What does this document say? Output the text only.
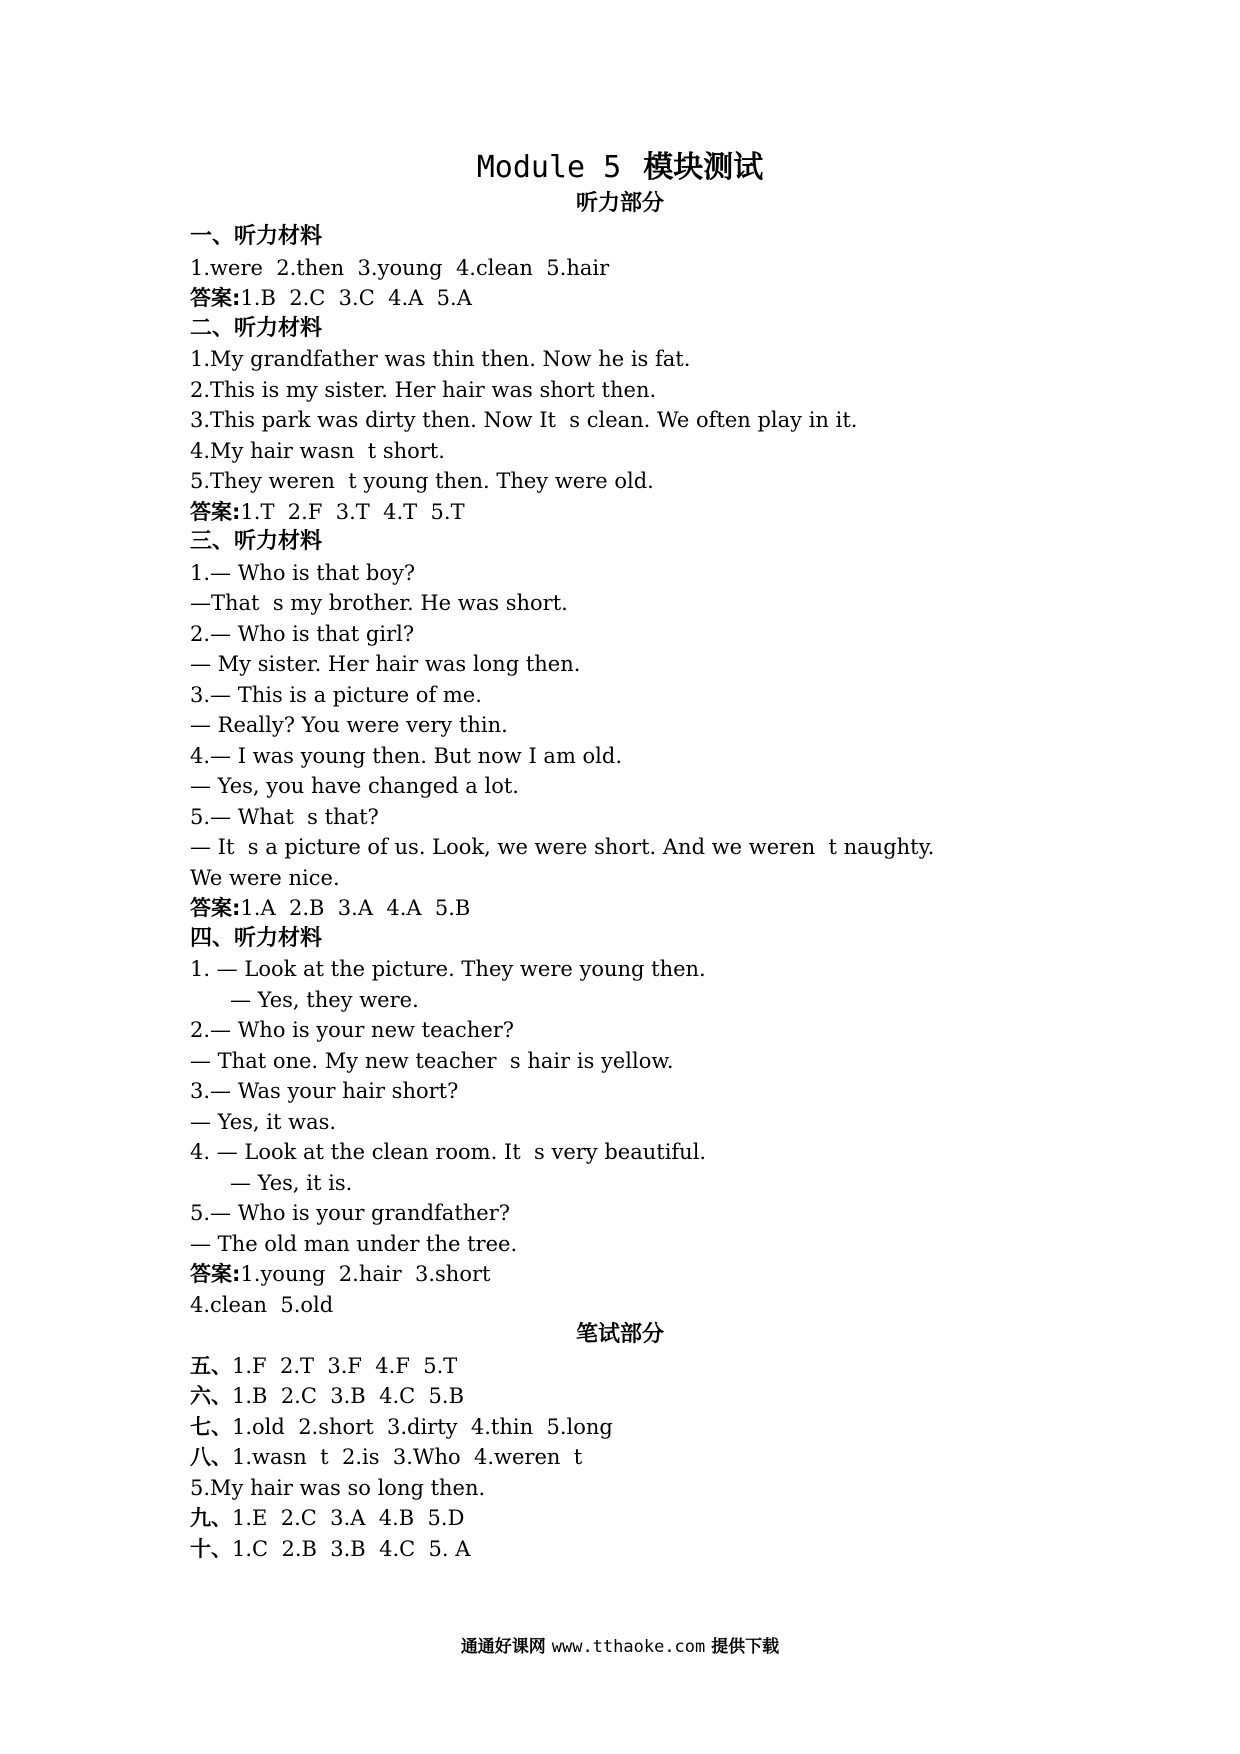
Module 5 模块测试
听力部分
一、听力材料
1.were  2.then  3.young  4.clean  5.hair
答案:1.B  2.C  3.C  4.A  5.A
二、听力材料
1.My grandfather was thin then. Now he is fat.
2.This is my sister. Her hair was short then.
3.This park was dirty then. Now It  s clean. We often play in it.
4.My hair wasn  t short.
5.They weren  t young then. They were old.
答案:1.T  2.F  3.T  4.T  5.T
三、听力材料
1.— Who is that boy?
—That  s my brother. He was short.
2.— Who is that girl?
— My sister. Her hair was long then.
3.— This is a picture of me.
— Really? You were very thin.
4.— I was young then. But now I am old.
— Yes, you have changed a lot.
5.— What  s that?
— It  s a picture of us. Look, we were short. And we weren  t naughty.
We were nice.
答案:1.A  2.B  3.A  4.A  5.B
四、听力材料
1. — Look at the picture. They were young then.
— Yes, they were.
2.— Who is your new teacher?
— That one. My new teacher  s hair is yellow.
3.— Was your hair short?
— Yes, it was.
4. — Look at the clean room. It  s very beautiful.
— Yes, it is.
5.— Who is your grandfather?
— The old man under the tree.
答案:1.young  2.hair  3.short
4.clean  5.old
笔试部分
五、1.F  2.T  3.F  4.F  5.T
六、1.B  2.C  3.B  4.C  5.B
七、1.old  2.short  3.dirty  4.thin  5.long
八、1.wasn  t  2.is  3.Who  4.weren  t
5.My hair was so long then.
九、1.E  2.C  3.A  4.B  5.D
十、1.C  2.B  3.B  4.C  5. A
通通好课网 www.tthaoke.com 提供下载
